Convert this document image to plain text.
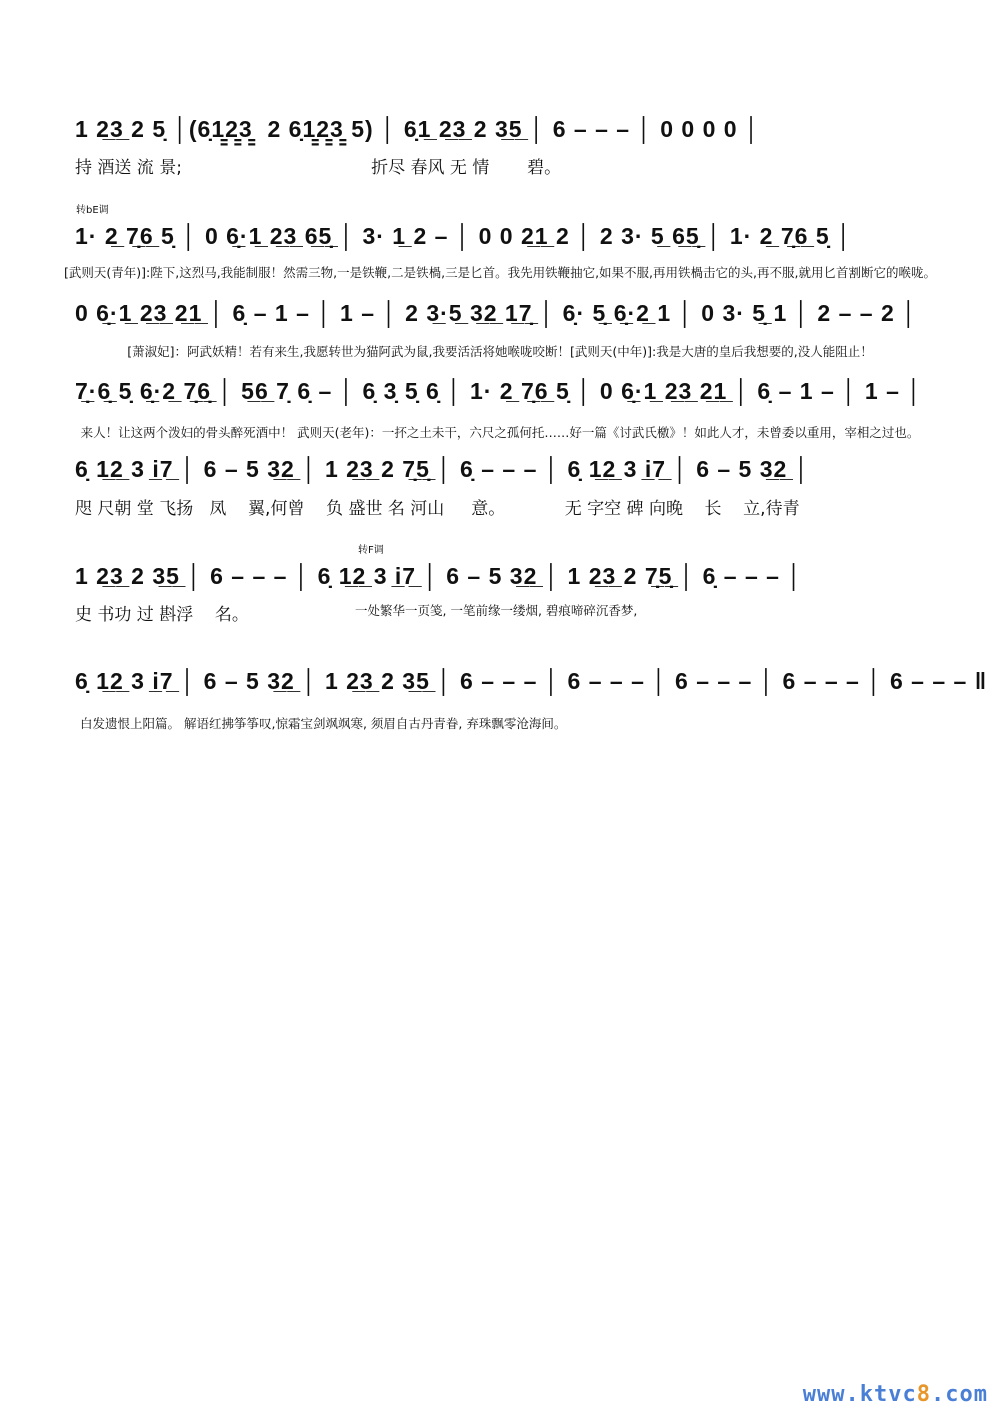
1 2̲3̲ 2 5̣ │(6̣1̳2̳3̳  2 6̣1̳2̳3̳ 5) │ 6̣1̲ 2̲3̲ 2 3̲5̲ │ 6 – – – │ 0 0 0 0 │
持 酒送 流 景;                                   折尽 春风 无 情       碧。
转bE调
1· 2̲ 7̣̲6̲ 5̣ │ 0 6̣̲·1̲ 2̲3̲ 6̲5̣̲ │ 3· 1̲ 2 – │ 0 0 2̲1̲ 2 │ 2 3· 5̲ 6̲5̣̲ │ 1· 2̲ 7̣̲6̲ 5̣ │
[武则天(青年)]:陛下,这烈马,我能制服！然需三物,一是铁鞭,二是铁楇,三是匕首。我先用铁鞭抽它,如果不服,再用铁楇击它的头,再不服,就用匕首割断它的喉咙。
0 6̣̲·1̲ 2̲3̲ 2̲1̲ │ 6̣ – 1 – │ 1 – │ 2 3̲·5̲ 3̲2̲ 1̲7̣̲ │ 6̣· 5̣̲ 6̣̲·2̲ 1 │ 0 3· 5̣̲ 1 │ 2 – – 2 │
[萧淑妃]：阿武妖精！若有来生,我愿转世为猫阿武为鼠,我要活活将她喉咙咬断！[武则天(中年)]:我是大唐的皇后我想要的,没人能阻止！
7̣̲·6̣̲ 5̣ 6̣̲·2̲ 7̣̲6̣̲ │ 5̲6̲ 7̣ 6̣ – │ 6̣ 3̣ 5̣ 6̣ │ 1· 2̲ 7̣̲6̲ 5̣ │ 0 6̣̲·1̲ 2̲3̲ 2̲1̲ │ 6̣ – 1 – │ 1 – │
来人！让这两个泼妇的骨头醉死酒中！ 武则天(老年)：一抔之土未干，六尺之孤何托……好一篇《讨武氏檄》！如此人才，未曾委以重用，宰相之过也。
6̣ 1̲2̲ 3 i̲7̲ │ 6 – 5 3̲2̲ │ 1 2̲3̲ 2 7̣̲5̣̲ │ 6̣ – – – │ 6̣ 1̲2̲ 3 i̲7̲ │ 6 – 5 3̲2̲ │
咫 尺朝 堂 飞扬   凤    翼,何曾    负 盛世 名 河山     意。           无 字空 碑 向晚    长    立,待青
转F调
1 2̲3̲ 2 3̲5̲ │ 6 – – – │ 6̣ 1̲2̲ 3 i̲7̲ │ 6 – 5 3̲2̲ │ 1 2̲3̲ 2 7̣̲5̣̲ │ 6̣ – – – │
史 书功 过 斟浮    名。	一处繁华一页笺, 一笔前缘一缕烟, 碧痕啼碎沉香梦,
6̣ 1̲2̲ 3 i̲7̲ │ 6 – 5 3̲2̲ │ 1 2̲3̲ 2 3̲5̲ │ 6 – – – │ 6 – – – │ 6 – – – │ 6 – – – │ 6 – – – ‖
白发遗恨上阳篇。 解语红拂筝筝叹,惊霜宝剑飒飒寒, 须眉自古丹青眷, 弃珠飘零沧海间。
www.ktvc8.com
